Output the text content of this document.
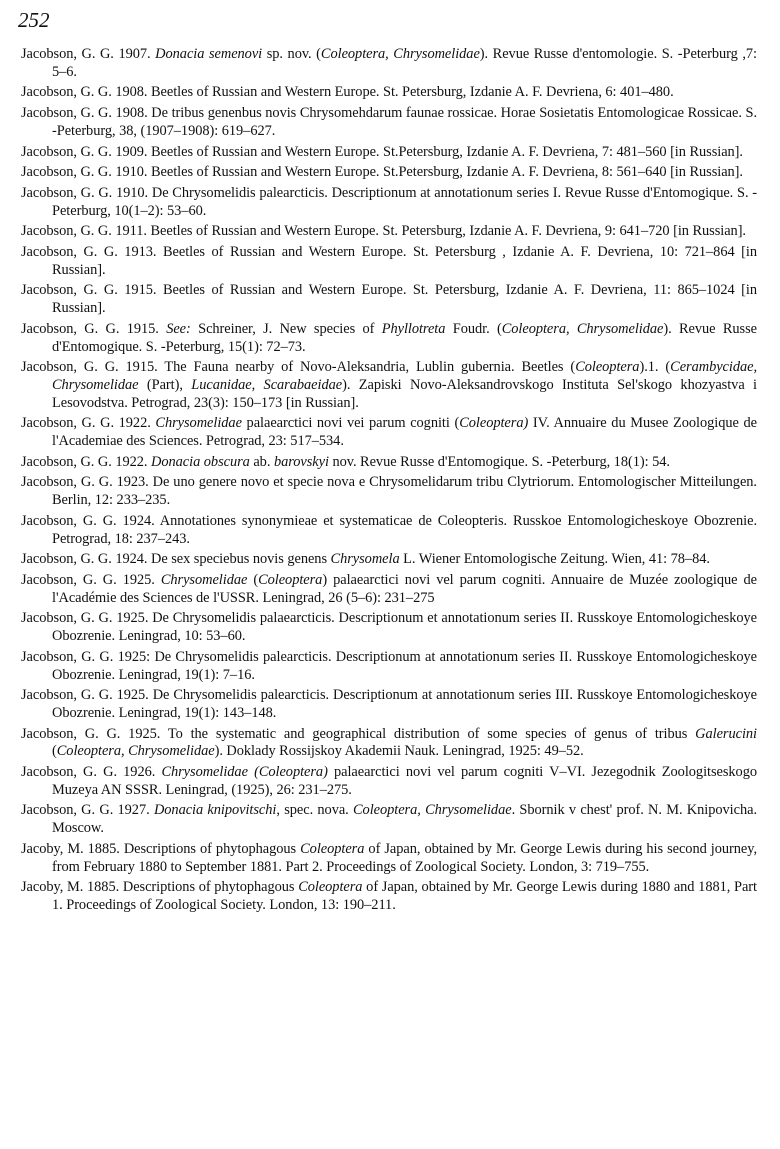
252
Jacobson, G. G. 1907. Donacia semenovi sp. nov. (Coleoptera, Chrysomelidae). Revue Russe d'entomologie. S. -Peterburg ,7: 5–6.
Jacobson, G. G. 1908. Beetles of Russian and Western Europe. St. Petersburg, Izdanie A. F. Devriena, 6: 401–480.
Jacobson, G. G. 1908. De tribus genenbus novis Chrysomehdarum faunae rossicae. Horae Sosietatis Entomologicae Rossicae. S. -Peterburg, 38, (1907–1908): 619–627.
Jacobson, G. G. 1909. Beetles of Russian and Western Europe. St.Petersburg, Izdanie A. F. Devriena, 7: 481–560 [in Russian].
Jacobson, G. G. 1910. Beetles of Russian and Western Europe. St.Petersburg, Izdanie A. F. Devriena, 8: 561–640 [in Russian].
Jacobson, G. G. 1910. De Chrysomelidis palearcticis. Descriptionum at annotationum series I. Revue Russe d'Entomogique. S. -Peterburg, 10(1–2): 53–60.
Jacobson, G. G. 1911. Beetles of Russian and Western Europe. St. Petersburg, Izdanie A. F. Devriena, 9: 641–720 [in Russian].
Jacobson, G. G. 1913. Beetles of Russian and Western Europe. St. Petersburg , Izdanie A. F. Devriena, 10: 721–864 [in Russian].
Jacobson, G. G. 1915. Beetles of Russian and Western Europe. St. Petersburg, Izdanie A. F. Devriena, 11: 865–1024 [in Russian].
Jacobson, G. G. 1915. See: Schreiner, J. New species of Phyllotreta Foudr. (Coleoptera, Chrysomelidae). Revue Russe d'Entomogique. S. -Peterburg, 15(1): 72–73.
Jacobson, G. G. 1915. The Fauna nearby of Novo-Aleksandria, Lublin gubernia. Beetles (Coleoptera).1. (Cerambycidae, Chrysomelidae (Part), Lucanidae, Scarabaeidae). Zapiski Novo-Aleksandrovskogo Instituta Sel'skogo khozyastva i Lesovodstva. Petrograd, 23(3): 150–173 [in Russian].
Jacobson, G. G. 1922. Chrysomelidae palaearctici novi vei parum cogniti (Coleoptera) IV. Annuaire du Musee Zoologique de l'Academiae des Sciences. Petrograd, 23: 517–534.
Jacobson, G. G. 1922. Donacia obscura ab. barovskyi nov. Revue Russe d'Entomogique. S. -Peterburg, 18(1): 54.
Jacobson, G. G. 1923. De uno genere novo et specie nova e Chrysomelidarum tribu Clytriorum. Entomologischer Mitteilungen. Berlin, 12: 233–235.
Jacobson, G. G. 1924. Annotationes synonymieae et systematicae de Coleopteris. Russkoe Entomologicheskoye Obozrenie. Petrograd, 18: 237–243.
Jacobson, G. G. 1924. De sex speciebus novis genens Chrysomela L. Wiener Entomologische Zeitung. Wien, 41: 78–84.
Jacobson, G. G. 1925. Chrysomelidae (Coleoptera) palaearctici novi vel parum cogniti. Annuaire de Muzée zoologique de l'Académie des Sciences de l'USSR. Leningrad, 26 (5–6): 231–275
Jacobson, G. G. 1925. De Chrysomelidis palaearcticis. Descriptionum et annotationum series II. Russkoye Entomologicheskoye Obozrenie. Leningrad, 10: 53–60.
Jacobson, G. G. 1925: De Chrysomelidis palearcticis. Descriptionum at annotationum series II. Russkoye Entomologicheskoye Obozrenie. Leningrad, 19(1): 7–16.
Jacobson, G. G. 1925. De Chrysomelidis palearcticis. Descriptionum at annotationum series III. Russkoye Entomologicheskoye Obozrenie. Leningrad, 19(1): 143–148.
Jacobson, G. G. 1925. To the systematic and geographical distribution of some species of genus of tribus Galerucini (Coleoptera, Chrysomelidae). Doklady Rossijskoy Akademii Nauk. Leningrad, 1925: 49–52.
Jacobson, G. G. 1926. Chrysomelidae (Coleoptera) palaearctici novi vel parum cogniti V–VI. Jezegodnik Zoologitseskogo Muzeya AN SSSR. Leningrad, (1925), 26: 231–275.
Jacobson, G. G. 1927. Donacia knipovitschi, spec. nova. Coleoptera, Chrysomelidae. Sbornik v chest' prof. N. M. Knipovicha. Moscow.
Jacoby, M. 1885. Descriptions of phytophagous Coleoptera of Japan, obtained by Mr. George Lewis during his second journey, from February 1880 to September 1881. Part 2. Proceedings of Zoological Society. London, 3: 719–755.
Jacoby, M. 1885. Descriptions of phytophagous Coleoptera of Japan, obtained by Mr. George Lewis during 1880 and 1881, Part 1. Proceedings of Zoological Society. London, 13: 190–211.
